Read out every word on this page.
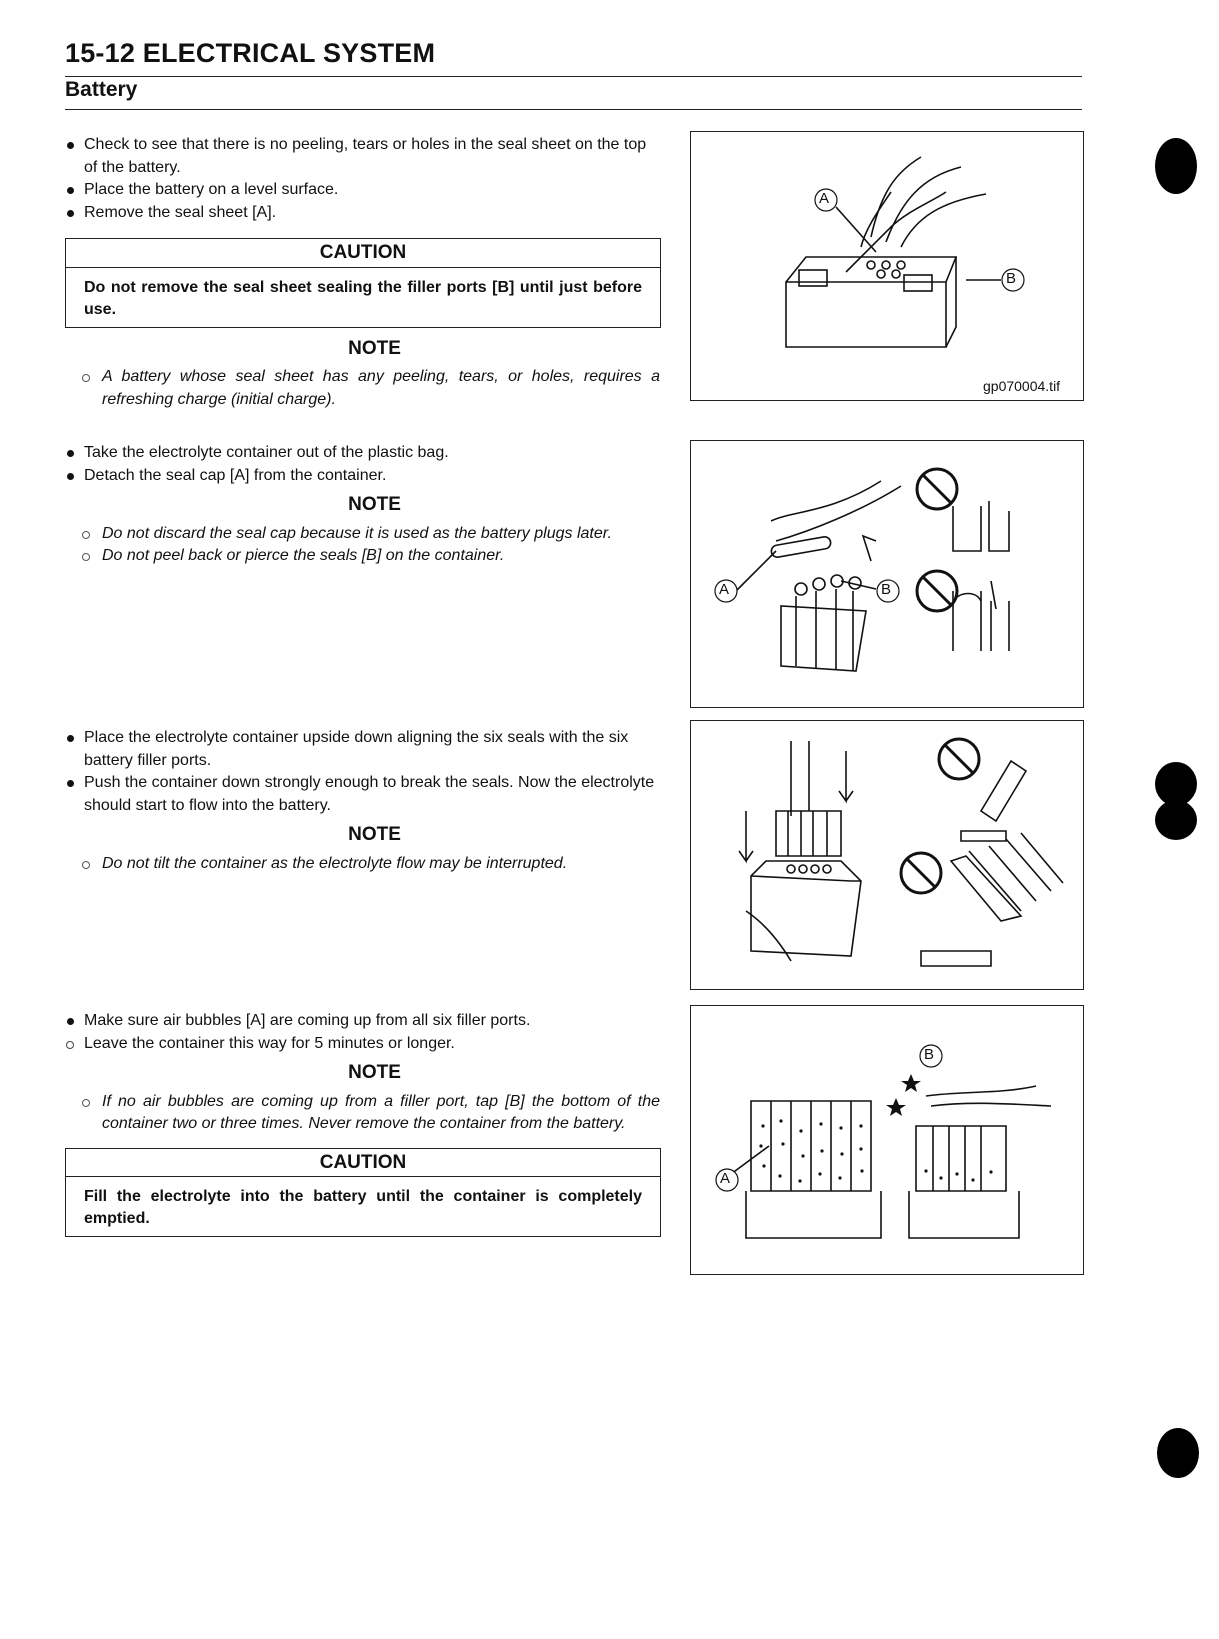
15-12 ELECTRICAL SYSTEM
Battery
Check to see that there is no peeling, tears or holes in the seal sheet on the top of the battery.
Place the battery on a level surface.
Remove the seal sheet [A].
CAUTION
Do not remove the seal sheet sealing the filler ports [B] until just before use.
NOTE
A battery whose seal sheet has any peeling, tears, or holes, requires a refreshing charge (initial charge).
Take the electrolyte container out of the plastic bag.
Detach the seal cap [A] from the container.
NOTE
Do not discard the seal cap because it is used as the battery plugs later.
Do not peel back or pierce the seals [B] on the container.
Place the electrolyte container upside down aligning the six seals with the six battery filler ports.
Push the container down strongly enough to break the seals. Now the electrolyte should start to flow into the battery.
NOTE
Do not tilt the container as the electrolyte flow may be interrupted.
Make sure air bubbles [A] are coming up from all six filler ports.
Leave the container this way for 5 minutes or longer.
NOTE
If no air bubbles are coming up from a filler port, tap [B] the bottom of the container two or three times. Never remove the container from the battery.
CAUTION
Fill the electrolyte into the battery until the container is completely emptied.
A
B
gp070004.tif
A	B
A
B
